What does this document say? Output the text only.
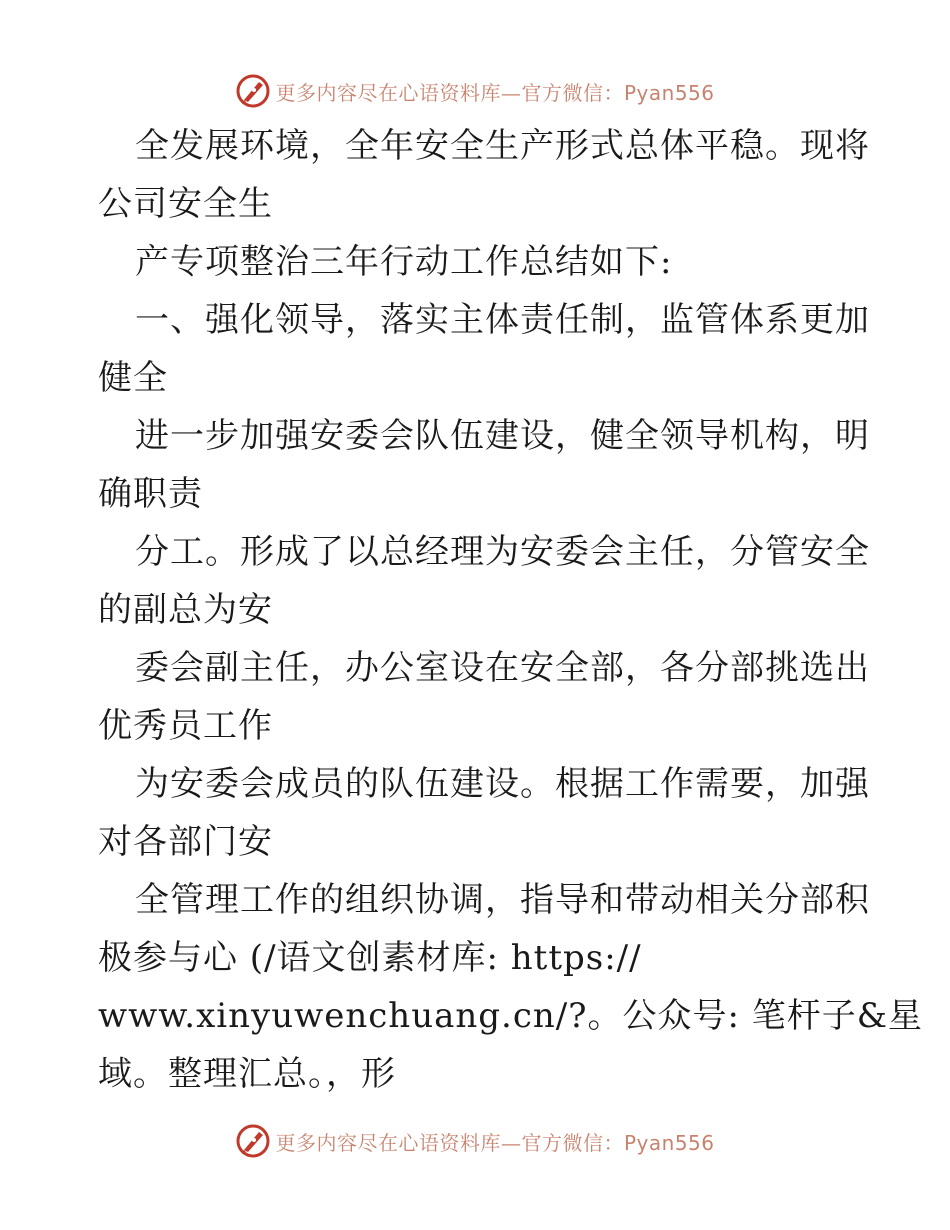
更多内容尽在心语资料库—官方微信：Pyan556
全发展环境，全年安全生产形式总体平稳。现将
公司安全生
产专项整治三年行动工作总结如下:
一、强化领导，落实主体责任制，监管体系更加
健全
进一步加强安委会队伍建设，健全领导机构，明
确职责
分工。形成了以总经理为安委会主任，分管安全
的副总为安
委会副主任，办公室设在安全部，各分部挑选出
优秀员工作
为安委会成员的队伍建设。根据工作需要，加强
对各部门安
全管理工作的组织协调，指导和带动相关分部积
极参与心 (/语文创素材库: https://
www.xinyuwenchuang.cn/?。公众号: 笔杆子&星
域。整理汇总。，形
更多内容尽在心语资料库—官方微信：Pyan556
